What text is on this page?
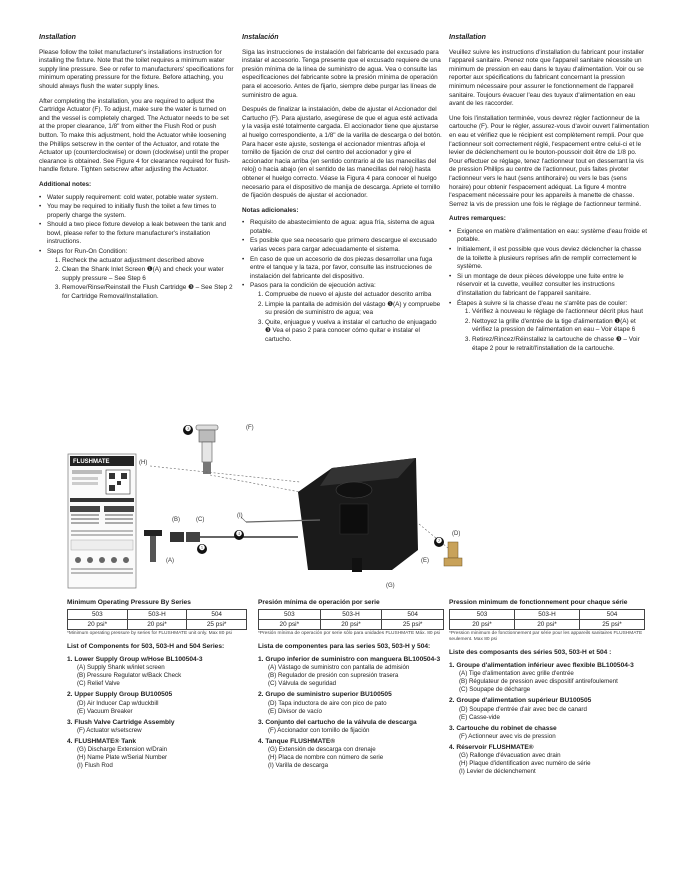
Installation

Please follow the toilet manufacturer's installations instruction for installing the fixture. Note that the toilet requires a minimum water supply line pressure. See or refer to manufacturers' specifications for minimum operating pressure for the fixture. Before attaching, you should always flush the water supply lines.

After completing the installation, you are required to adjust the Cartridge Actuator (F). To adjust, make sure the water is turned on and the vessel is completely charged. The Actuator needs to be set at the proper clearance, 1/8" from either the Flush Rod or push button. To make this adjustment, hold the Actuator while loosening the Phillips setscrew in the center of the Actuator, and rotate the Actuator up (counterclockwise) or down (clockwise) until the proper clearance is obtained. See Figure 4 for clearance required for flush-handle fixture. Tighten setscrew after adjusting the Actuator.

Additional notes:
• Water supply requirement: cold water, potable water system.
• You may be required to initially flush the toilet a few times to properly charge the system.
• Should a two piece fixture develop a leak between the tank and bowl, please refer to the fixture manufacturer's installation instructions.
• Steps for Run-On Condition:
1. Recheck the actuator adjustment described above
2. Clean the Shank Inlet Screen ❶(A) and check your water supply pressure – See Step 6
3. Remove/Rinse/Reinstall the Flush Cartridge ❸ – See Step 2 for Cartridge Removal/Installation.
Instalación

Siga las instrucciones de instalación del fabricante del excusado para instalar el accesorio. Tenga presente que el excusado requiere de una presión mínima de la línea de suministro de agua. Vea o consulte las especificaciones del fabricante sobre la presión mínima de operación para el accesorio. Antes de fijarlo, siempre debe purgar las líneas de suministro de agua.

Después de finalizar la instalación, debe de ajustar el Accionador del Cartucho (F). Para ajustarlo, asegúrese de que el agua esté activada y la vasija esté totalmente cargada. El accionador tiene que ajustarse al huelgo correspondiente, a 1/8" de la varilla de descarga o del botón. Para hacer este ajuste, sostenga el accionador mientras afloja el tornillo de fijación de cruz del centro del accionador y gire el accionador hacia arriba (en sentido contrario al de las manecillas del reloj) o hacia abajo (en el sentido de las manecillas del reloj) hasta obtener el huelgo correcto. Véase la Figura 4 para conocer el huelgo necesario para el dispositivo de manija de descarga. Apriete el tornillo de fijación después de ajustar el accionador.

Notas adicionales:
• Requisito de abastecimiento de agua: agua fría, sistema de agua potable.
• Es posible que sea necesario que primero descargue el excusado varias veces para cargar adecuadamente el sistema.
• En caso de que un accesorio de dos piezas desarrollar una fuga entre el tanque y la taza, por favor, consulte las instrucciones de instalación del fabricante del dispositivo.
• Pasos para la condición de ejecución activa:
1. Compruebe de nuevo el ajuste del actuador descrito arriba
2. Limpie la pantalla de admisión del vástago ❶(A) y compruebe su presión de suministro de agua; vea
3. Quite, enjuague y vuelva a instalar el cartucho de enjuagado ❸ Vea el paso 2 para conocer cómo quitar e instalar el cartucho.
Installation

Veuillez suivre les instructions d'installation du fabricant pour installer l'appareil sanitaire. Prenez note que l'appareil sanitaire nécessite un minimum de pression en eau dans le tuyau d'alimentation. Voir ou se reporter aux spécifications du fabricant concernant la pression minimum nécessaire pour assurer le fonctionnement de l'appareil sanitaire. Toujours évacuer l'eau des tuyaux d'alimentation en eau avant de les raccorder.

Une fois l'installation terminée, vous devrez régler l'actionneur de la cartouche (F). Pour le régler, assurez-vous d'avoir ouvert l'alimentation en eau et vérifiez que le récipient est complètement rempli. Pour que l'actionneur soit correctement réglé, l'espacement entre celui-ci et le levier de déclenchement ou le bouton-poussoir doit être de 1/8 po. Pour effectuer ce réglage, tenez l'actionneur tout en desserrant la vis de pression Phillips au centre de l'actionneur, puis faites pivoter l'actionneur vers le haut (sens antihoraire) ou vers le bas (sens horaire) pour obtenir l'espacement adéquat. La figure 4 montre l'espacement nécessaire pour les appareils à manette de chasse. Serrez la vis de pression une fois le réglage de l'actionneur terminé.

Autres remarques:
• Exigence en matière d'alimentation en eau: système d'eau froide et potable.
• Initialement, il est possible que vous deviez déclencher la chasse de la toilette à plusieurs reprises afin de remplir correctement le système.
• Si un montage de deux pièces développe une fuite entre le réservoir et la cuvette, veuillez consulter les instructions d'installation du fabricant de l'appareil sanitaire.
• Étapes à suivre si la chasse d'eau ne s'arrête pas de couler:
1. Vérifiez à nouveau le réglage de l'actionneur décrit plus haut
2. Nettoyez la grille d'entrée de la tige d'alimentation ❶(A) et vérifiez la pression de l'alimentation en eau – Voir étape 6
3. Retirez/Rincez/Réinstallez la cartouche de chasse ❸ – Voir étape 2 pour le retrait/l'installation de la cartouche.
FLUSHMATE
(F)
(H)
(B)	(C)
(A)
(I)
(D)
(E)
(G)
❸
❶
❹
❷
Minimum Operating Pressure By Series
503	503-H	504
20 psi*	20 psi*	25 psi*
*Minimum operating pressure by series for FLUSHMATE unit only. Max 80 psi
List of Components for 503, 503-H and 504 Series:
1. Lower Supply Group w/Hose BL100504-3
(A) Supply Shank w/inlet screen
(B) Pressure Regulator w/Back Check
(C) Relief Valve
2. Upper Supply Group BU100505
(D) Air Inducer Cap w/duckbill
(E) Vacuum Breaker
3. Flush Valve Cartridge Assembly
(F) Actuator w/setscrew
4. FLUSHMATE® Tank
(G) Discharge Extension w/Drain
(H) Name Plate w/Serial Number
(I) Flush Rod
Presión mínima de operación por serie
503	503-H	504
20 psi*	20 psi*	25 psi*
*Presión mínima de operación por serie sólo para unidades FLUSHMATE Máx. 80 psi
Lista de componentes para las series 503, 503-H y 504:
1. Grupo inferior de suministro con manguera BL100504-3
(A) Vástago de suministro con pantalla de admisión
(B) Regulador de presión con supresión trasera
(C) Válvula de seguridad
2. Grupo de suministro superior BU100505
(D) Tapa inductora de aire con pico de pato
(E) Divisor de vacío
3. Conjunto del cartucho de la válvula de descarga
(F) Accionador con tornillo de fijación
4. Tanque FLUSHMATE®
(G) Extensión de descarga con drenaje
(H) Placa de nombre con número de serie
(I) Varilla de descarga
Pression minimum de fonctionnement pour chaque série
503	503-H	504
20 psi*	20 psi*	25 psi*
*Pression minimum de fonctionnement par série pour les appareils sanitaires FLUSHMATE seulement. Max 80 psi
Liste des composants des séries 503, 503-H et 504 :
1. Groupe d'alimentation inférieur avec flexible BL100504-3
(A) Tige d'alimentation avec grille d'entrée
(B) Régulateur de pression avec dispositif antirefoulement
(C) Soupape de décharge
2. Groupe d'alimentation supérieur BU100505
(D) Soupape d'entrée d'air avec bec de canard
(E) Casse-vide
3. Cartouche du robinet de chasse
(F) Actionneur avec vis de pression
4. Réservoir FLUSHMATE®
(G) Rallonge d'évacuation avec drain
(H) Plaque d'identification avec numéro de série
(I) Levier de déclenchement
